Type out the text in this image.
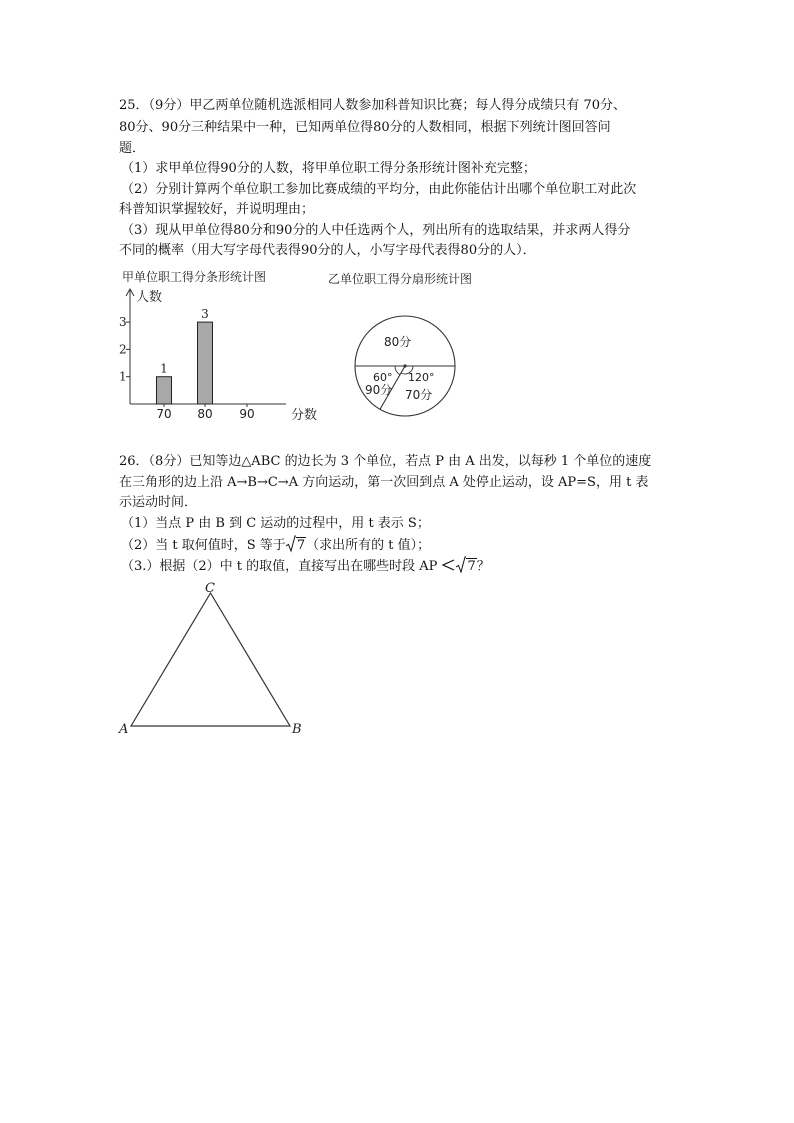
25．（9分）甲乙两单位随机选派相同人数参加科普知识比赛；每人得分成绩只有 70分、
80分、90分三种结果中一种，已知两单位得80分的人数相同，根据下列统计图回答问
题．
（1）求甲单位得90分的人数，将甲单位职工得分条形统计图补充完整；
（2）分别计算两个单位职工参加比赛成绩的平均分，由此你能估计出哪个单位职工对此次
科普知识掌握较好，并说明理由；
（3）现从甲单位得80分和90分的人中任选两个人，列出所有的选取结果，并求两人得分
不同的概率（用大写字母代表得90分的人，小写字母代表得80分的人）．
甲单位职工得分条形统计图
人数
分数
1
2
3
1
3
70 80 90
乙单位职工得分扇形统计图
80分
90分 70分
60° 120°
26．（8分）已知等边△ABC 的边长为 3 个单位，若点 P 由 A 出发，以每秒 1 个单位的速度
在三角形的边上沿 A→B→C→A 方向运动，第一次回到点 A 处停止运动，设 AP=S，用 t 表
示运动时间．
（1）当点 P 由 B 到 C 运动的过程中，用 t 表示 S；
（2）当 t 取何值时，S 等于 7（求出所有的 t 值）；
（3.）根据（2）中 t 的取值，直接写出在哪些时段 AP 7？
A	B
C
